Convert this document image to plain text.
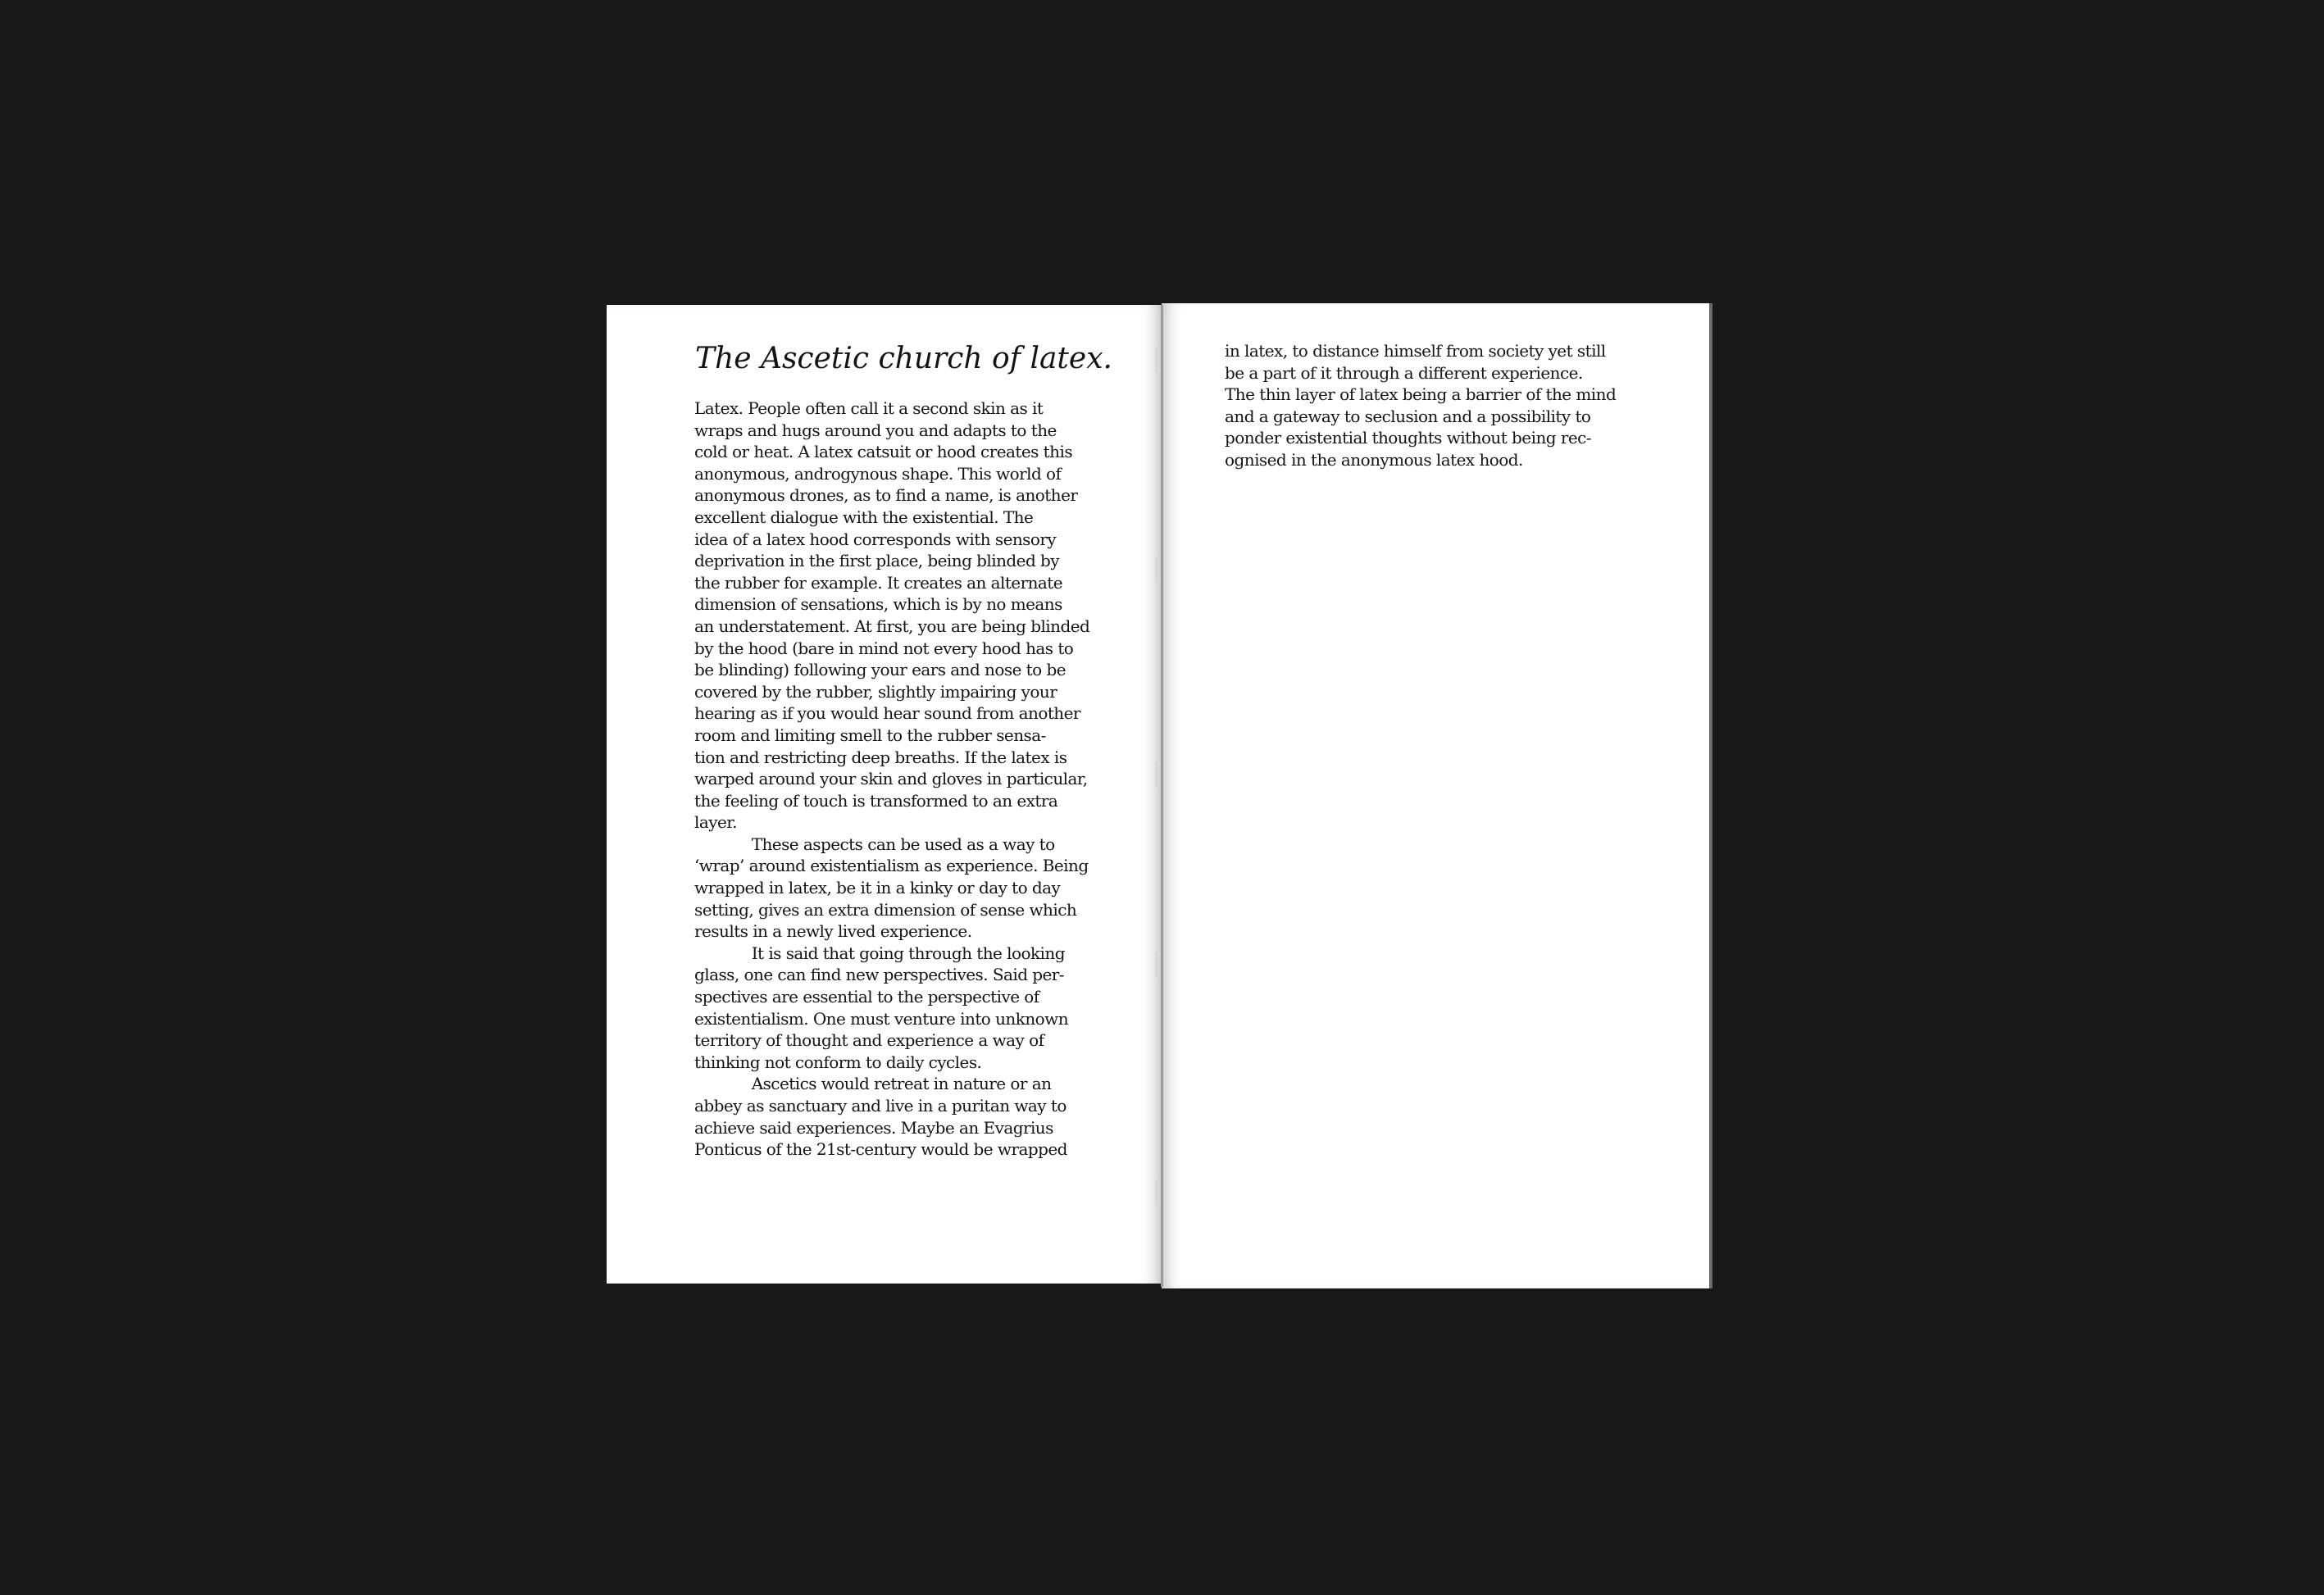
The Ascetic church of latex.
Latex. People often call it a second skin as it
wraps and hugs around you and adapts to the
cold or heat. A latex catsuit or hood creates this
anonymous, androgynous shape. This world of
anonymous drones, as to find a name, is another
excellent dialogue with the existential. The
idea of a latex hood corresponds with sensory
deprivation in the first place, being blinded by
the rubber for example. It creates an alternate
dimension of sensations, which is by no means
an understatement. At first, you are being blinded
by the hood (bare in mind not every hood has to
be blinding) following your ears and nose to be
covered by the rubber, slightly impairing your
hearing as if you would hear sound from another
room and limiting smell to the rubber sensa-
tion and restricting deep breaths. If the latex is
warped around your skin and gloves in particular,
the feeling of touch is transformed to an extra
layer.
These aspects can be used as a way to
‘wrap’ around existentialism as experience. Being
wrapped in latex, be it in a kinky or day to day
setting, gives an extra dimension of sense which
results in a newly lived experience.
It is said that going through the looking
glass, one can find new perspectives. Said per-
spectives are essential to the perspective of
existentialism. One must venture into unknown
territory of thought and experience a way of
thinking not conform to daily cycles.
Ascetics would retreat in nature or an
abbey as sanctuary and live in a puritan way to
achieve said experiences. Maybe an Evagrius
Ponticus of the 21st-century would be wrapped
in latex, to distance himself from society yet still
be a part of it through a different experience.
The thin layer of latex being a barrier of the mind
and a gateway to seclusion and a possibility to
ponder existential thoughts without being rec-
ognised in the anonymous latex hood.
